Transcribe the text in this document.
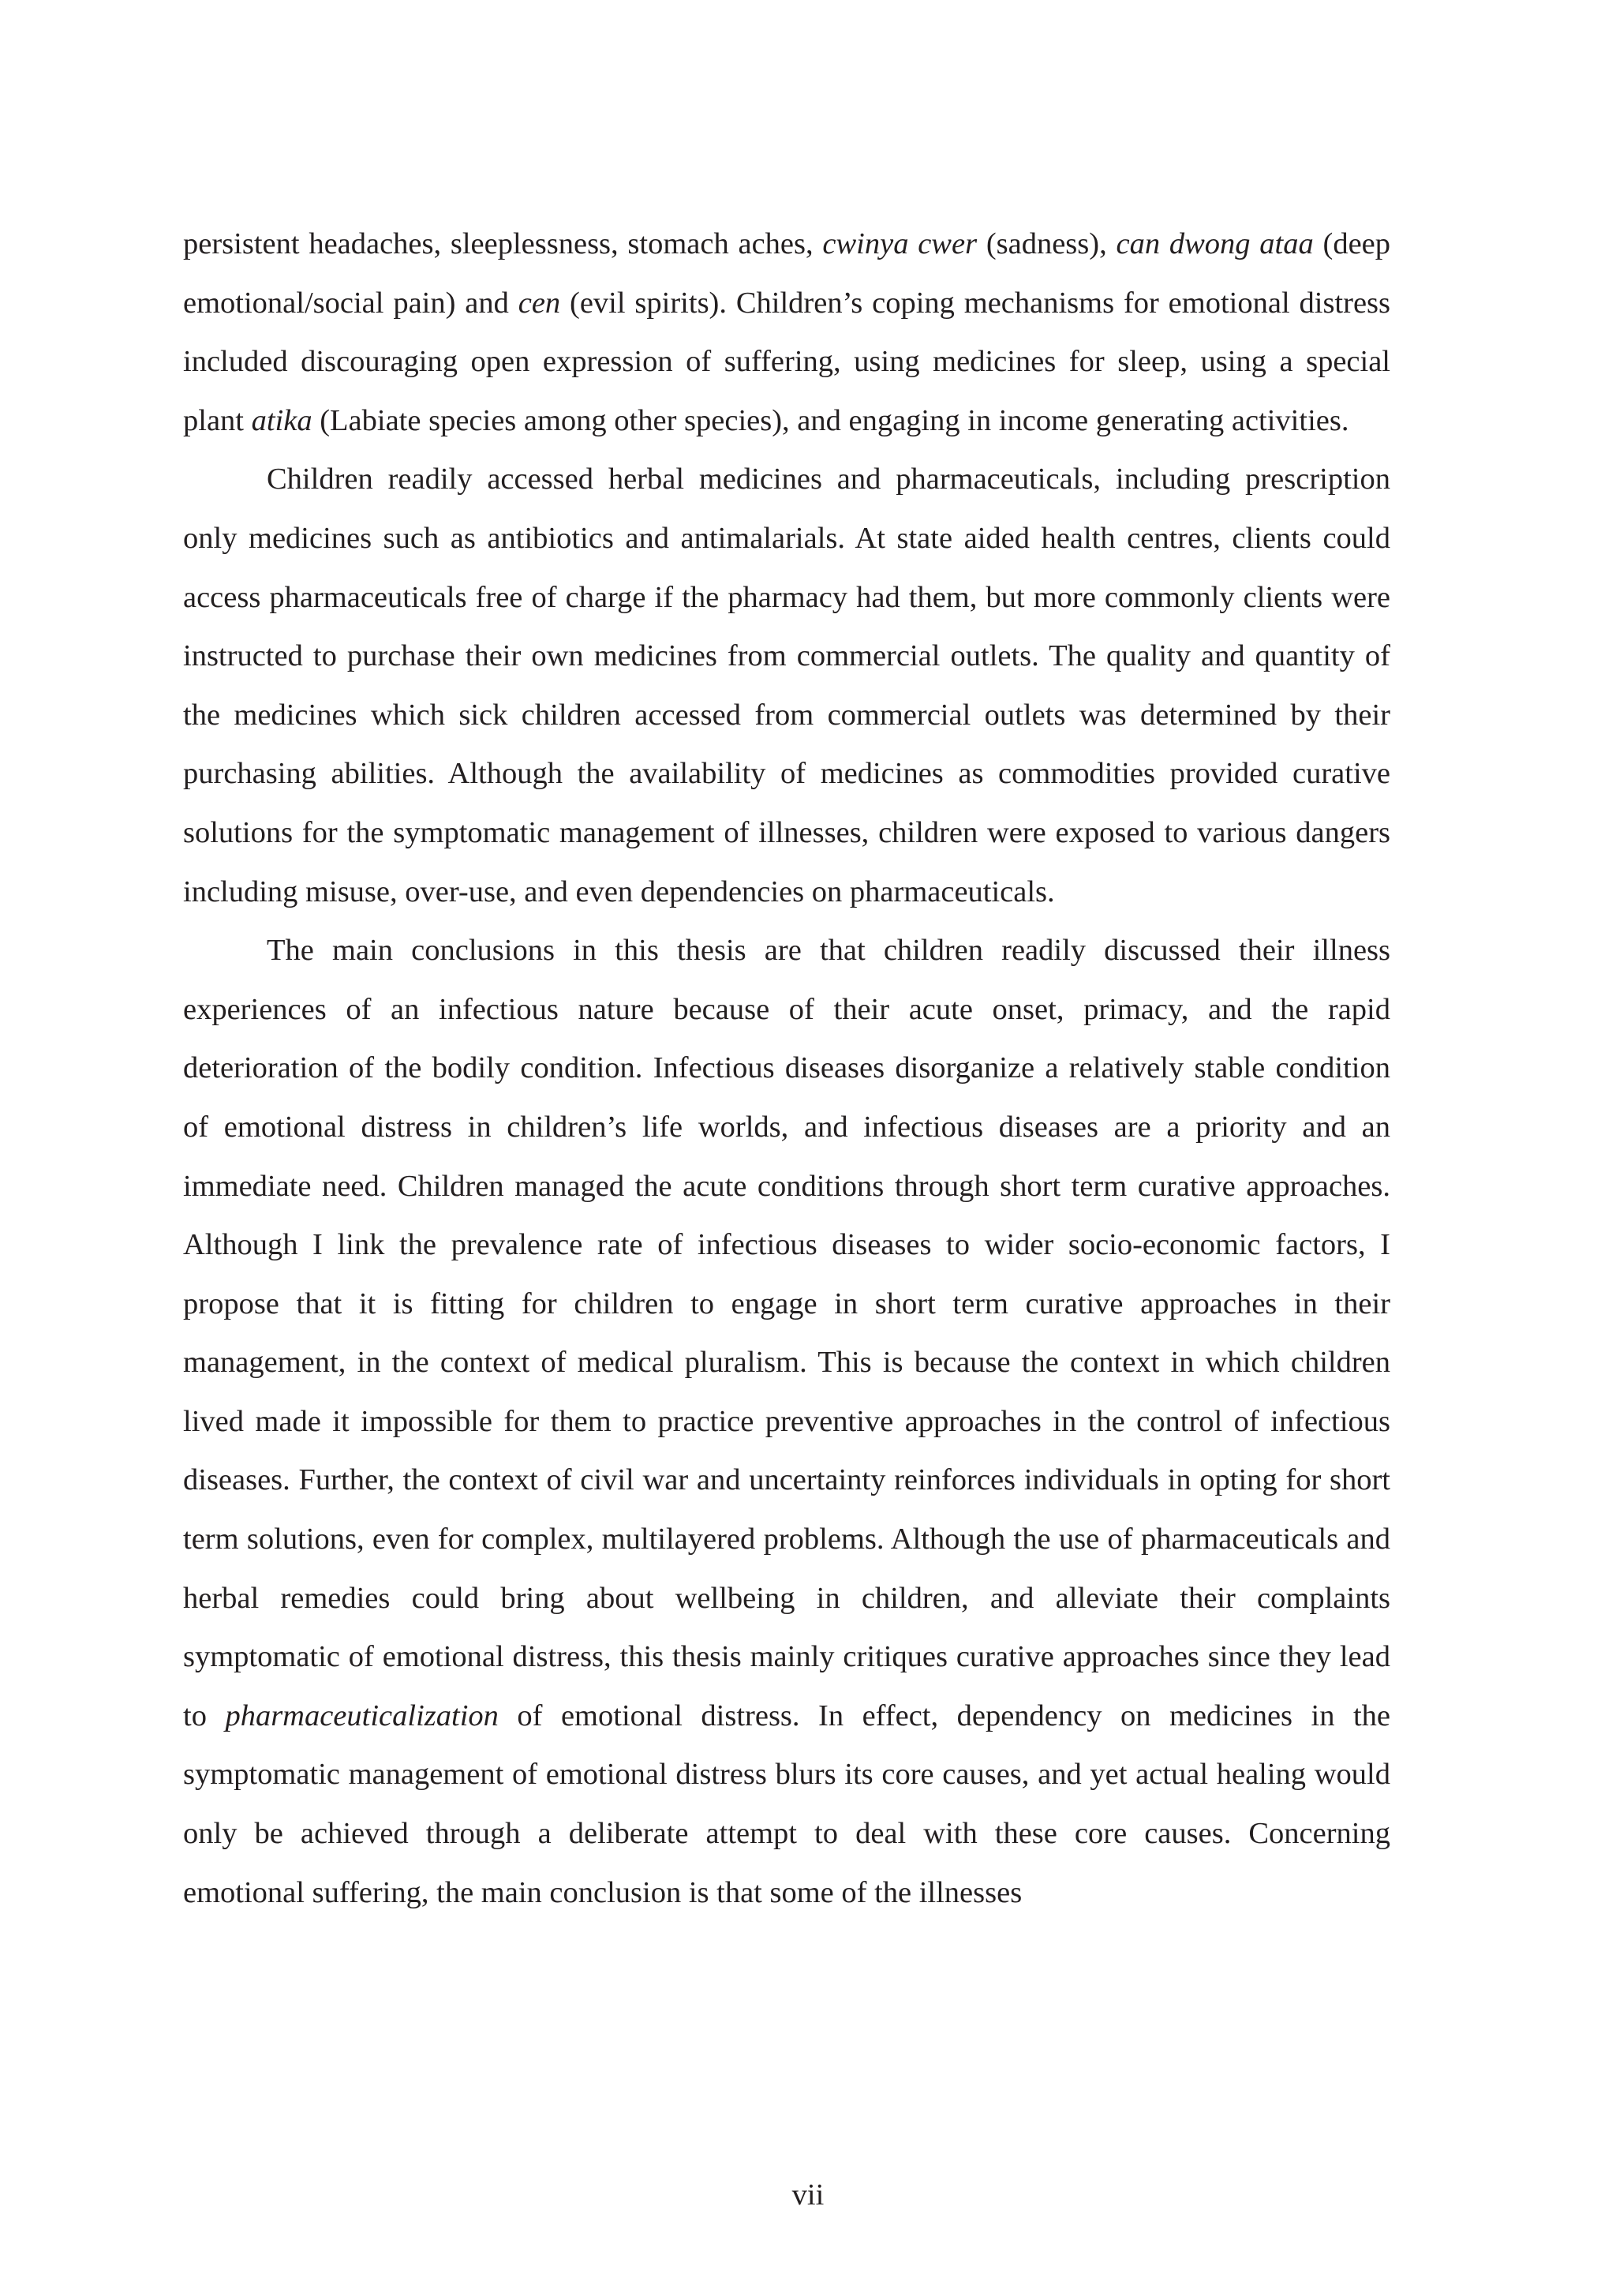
persistent headaches, sleeplessness, stomach aches, cwinya cwer (sadness), can dwong ataa (deep emotional/social pain) and cen (evil spirits). Children’s coping mechanisms for emotional distress included discouraging open expression of suffering, using medicines for sleep, using a special plant atika (Labiate species among other species), and engaging in income generating activities.

Children readily accessed herbal medicines and pharmaceuticals, including prescription only medicines such as antibiotics and antimalarials. At state aided health centres, clients could access pharmaceuticals free of charge if the pharmacy had them, but more commonly clients were instructed to purchase their own medicines from commercial outlets. The quality and quantity of the medicines which sick children accessed from commercial outlets was determined by their purchasing abilities. Although the availability of medicines as commodities provided curative solutions for the symptomatic management of illnesses, children were exposed to various dangers including misuse, over-use, and even dependencies on pharmaceuticals.

The main conclusions in this thesis are that children readily discussed their illness experiences of an infectious nature because of their acute onset, primacy, and the rapid deterioration of the bodily condition. Infectious diseases disorganize a relatively stable condition of emotional distress in children’s life worlds, and infectious diseases are a priority and an immediate need. Children managed the acute conditions through short term curative approaches. Although I link the prevalence rate of infectious diseases to wider socio-economic factors, I propose that it is fitting for children to engage in short term curative approaches in their management, in the context of medical pluralism. This is because the context in which children lived made it impossible for them to practice preventive approaches in the control of infectious diseases. Further, the context of civil war and uncertainty reinforces individuals in opting for short term solutions, even for complex, multilayered problems. Although the use of pharmaceuticals and herbal remedies could bring about wellbeing in children, and alleviate their complaints symptomatic of emotional distress, this thesis mainly critiques curative approaches since they lead to pharmaceuticalization of emotional distress. In effect, dependency on medicines in the symptomatic management of emotional distress blurs its core causes, and yet actual healing would only be achieved through a deliberate attempt to deal with these core causes. Concerning emotional suffering, the main conclusion is that some of the illnesses

vii
